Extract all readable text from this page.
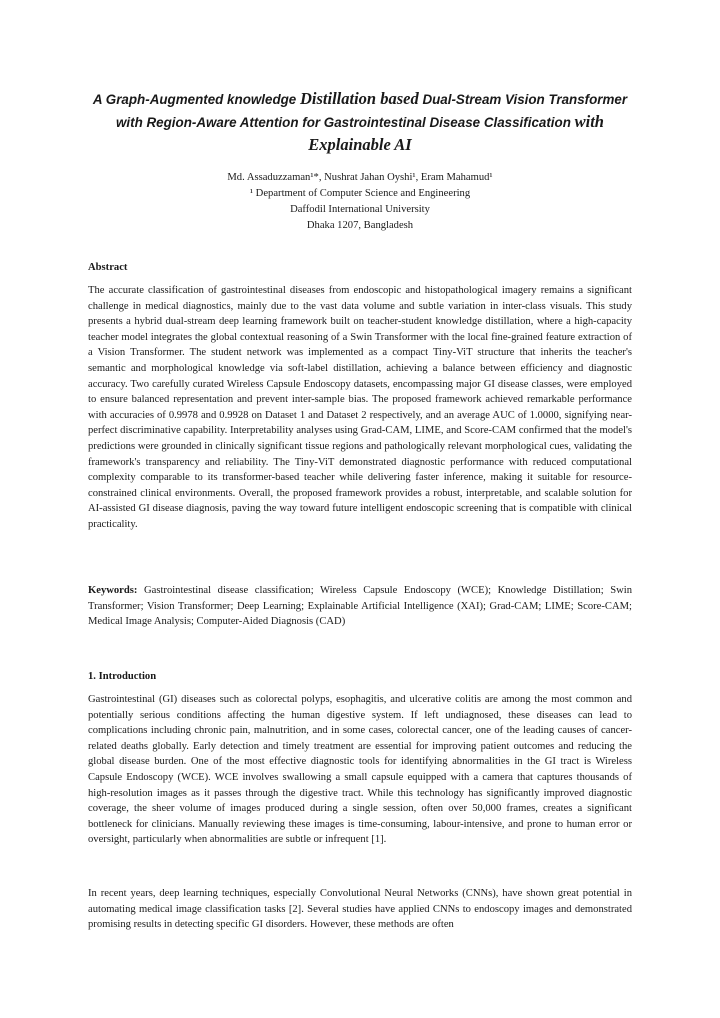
A Graph-Augmented knowledge Distillation based Dual-Stream Vision Transformer with Region-Aware Attention for Gastrointestinal Disease Classification with Explainable AI
Md. Assaduzzaman¹*, Nushrat Jahan Oyshi¹, Eram Mahamud¹
¹ Department of Computer Science and Engineering
Daffodil International University
Dhaka 1207, Bangladesh
Abstract

The accurate classification of gastrointestinal diseases from endoscopic and histopathological imagery remains a significant challenge in medical diagnostics, mainly due to the vast data volume and subtle variation in inter-class visuals. This study presents a hybrid dual-stream deep learning framework built on teacher-student knowledge distillation, where a high-capacity teacher model integrates the global contextual reasoning of a Swin Transformer with the local fine-grained feature extraction of a Vision Transformer. The student network was implemented as a compact Tiny-ViT structure that inherits the teacher's semantic and morphological knowledge via soft-label distillation, achieving a balance between efficiency and diagnostic accuracy. Two carefully curated Wireless Capsule Endoscopy datasets, encompassing major GI disease classes, were employed to ensure balanced representation and prevent inter-sample bias. The proposed framework achieved remarkable performance with accuracies of 0.9978 and 0.9928 on Dataset 1 and Dataset 2 respectively, and an average AUC of 1.0000, signifying near-perfect discriminative capability. Interpretability analyses using Grad-CAM, LIME, and Score-CAM confirmed that the model's predictions were grounded in clinically significant tissue regions and pathologically relevant morphological cues, validating the framework's transparency and reliability. The Tiny-ViT demonstrated diagnostic performance with reduced computational complexity comparable to its transformer-based teacher while delivering faster inference, making it suitable for resource-constrained clinical environments. Overall, the proposed framework provides a robust, interpretable, and scalable solution for AI-assisted GI disease diagnosis, paving the way toward future intelligent endoscopic screening that is compatible with clinical practicality.

Keywords: Gastrointestinal disease classification; Wireless Capsule Endoscopy (WCE); Knowledge Distillation; Swin Transformer; Vision Transformer; Deep Learning; Explainable Artificial Intelligence (XAI); Grad-CAM; LIME; Score-CAM; Medical Image Analysis; Computer-Aided Diagnosis (CAD)

1. Introduction

Gastrointestinal (GI) diseases such as colorectal polyps, esophagitis, and ulcerative colitis are among the most common and potentially serious conditions affecting the human digestive system. If left undiagnosed, these diseases can lead to complications including chronic pain, malnutrition, and in some cases, colorectal cancer, one of the leading causes of cancer-related deaths globally. Early detection and timely treatment are essential for improving patient outcomes and reducing the global disease burden. One of the most effective diagnostic tools for identifying abnormalities in the GI tract is Wireless Capsule Endoscopy (WCE). WCE involves swallowing a small capsule equipped with a camera that captures thousands of high-resolution images as it passes through the digestive tract. While this technology has significantly improved diagnostic coverage, the sheer volume of images produced during a single session, often over 50,000 frames, creates a significant bottleneck for clinicians. Manually reviewing these images is time-consuming, labour-intensive, and prone to human error or oversight, particularly when abnormalities are subtle or infrequent [1].

In recent years, deep learning techniques, especially Convolutional Neural Networks (CNNs), have shown great potential in automating medical image classification tasks [2]. Several studies have applied CNNs to endoscopy images and demonstrated promising results in detecting specific GI disorders. However, these methods are often
